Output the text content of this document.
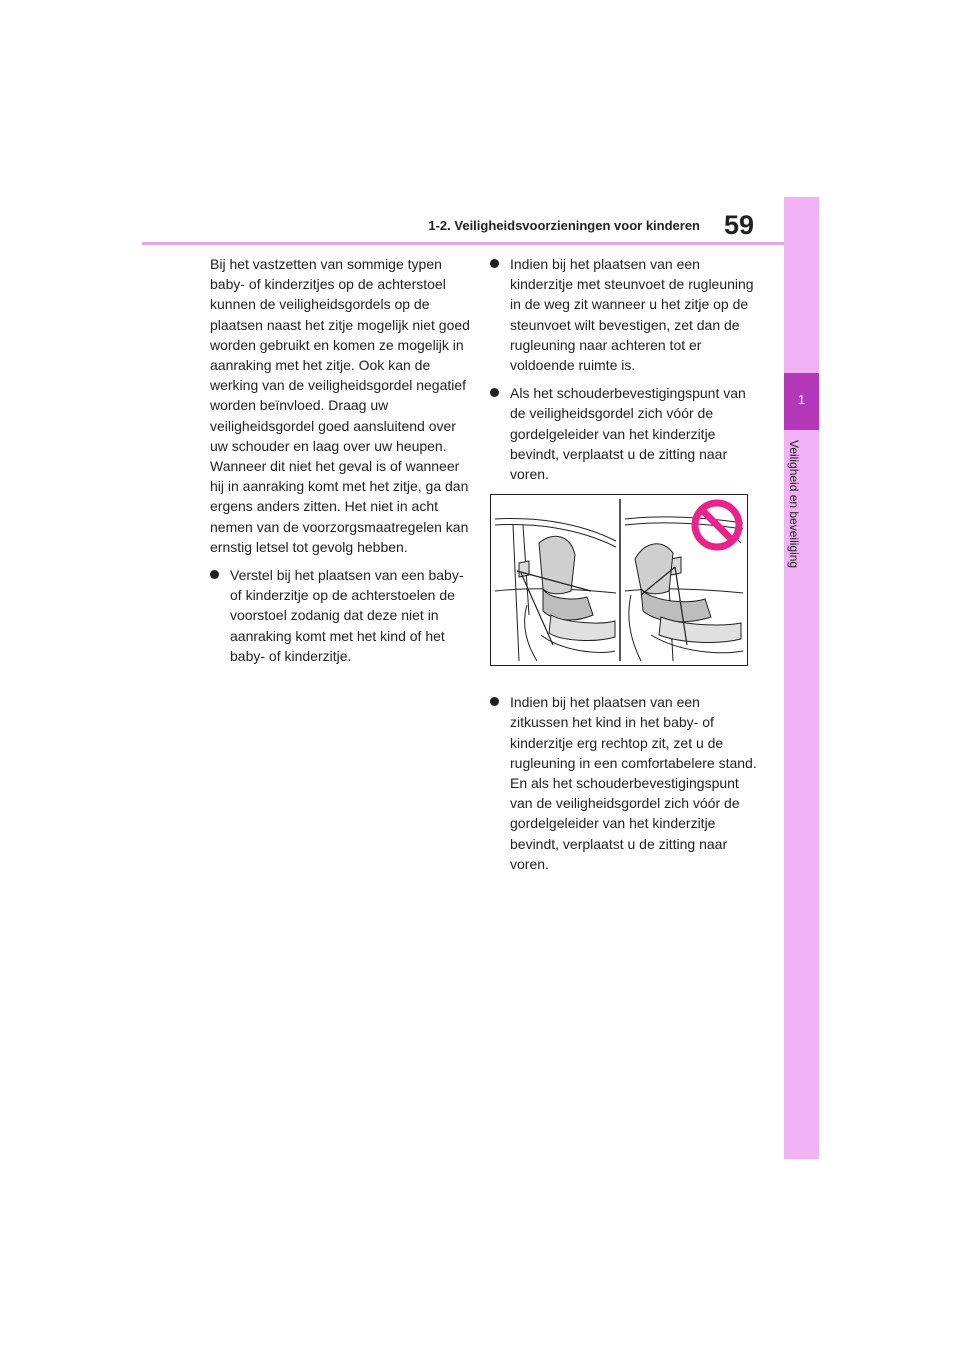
1
Veiligheid en beveiliging
1-2. Veiligheidsvoorzieningen voor kinderen 59

Bij het vastzetten van sommige typen baby- of kinderzitjes op de achterstoel kunnen de veiligheidsgordels op de plaatsen naast het zitje mogelijk niet goed worden gebruikt en komen ze mogelijk in aanraking met het zitje. Ook kan de werking van de veiligheidsgordel negatief worden beïnvloed. Draag uw veiligheidsgordel goed aansluitend over uw schouder en laag over uw heupen. Wanneer dit niet het geval is of wanneer hij in aanraking komt met het zitje, ga dan ergens anders zitten. Het niet in acht nemen van de voorzorgsmaatregelen kan ernstig letsel tot gevolg hebben.

Verstel bij het plaatsen van een baby- of kinderzitje op de achterstoelen de voorstoel zodanig dat deze niet in aanraking komt met het kind of het baby- of kinderzitje.
Indien bij het plaatsen van een kinderzitje met steunvoet de rugleuning in de weg zit wanneer u het zitje op de steunvoet wilt bevestigen, zet dan de rugleuning naar achteren tot er voldoende ruimte is.
Als het schouderbevestigingspunt van de veiligheidsgordel zich vóór de gordelgeleider van het kinderzitje bevindt, verplaatst u de zitting naar voren.
Indien bij het plaatsen van een zitkussen het kind in het baby- of kinderzitje erg rechtop zit, zet u de rugleuning in een comfortabelere stand. En als het schouderbevestigingspunt van de veiligheidsgordel zich vóór de gordelgeleider van het kinderzitje bevindt, verplaatst u de zitting naar voren.
